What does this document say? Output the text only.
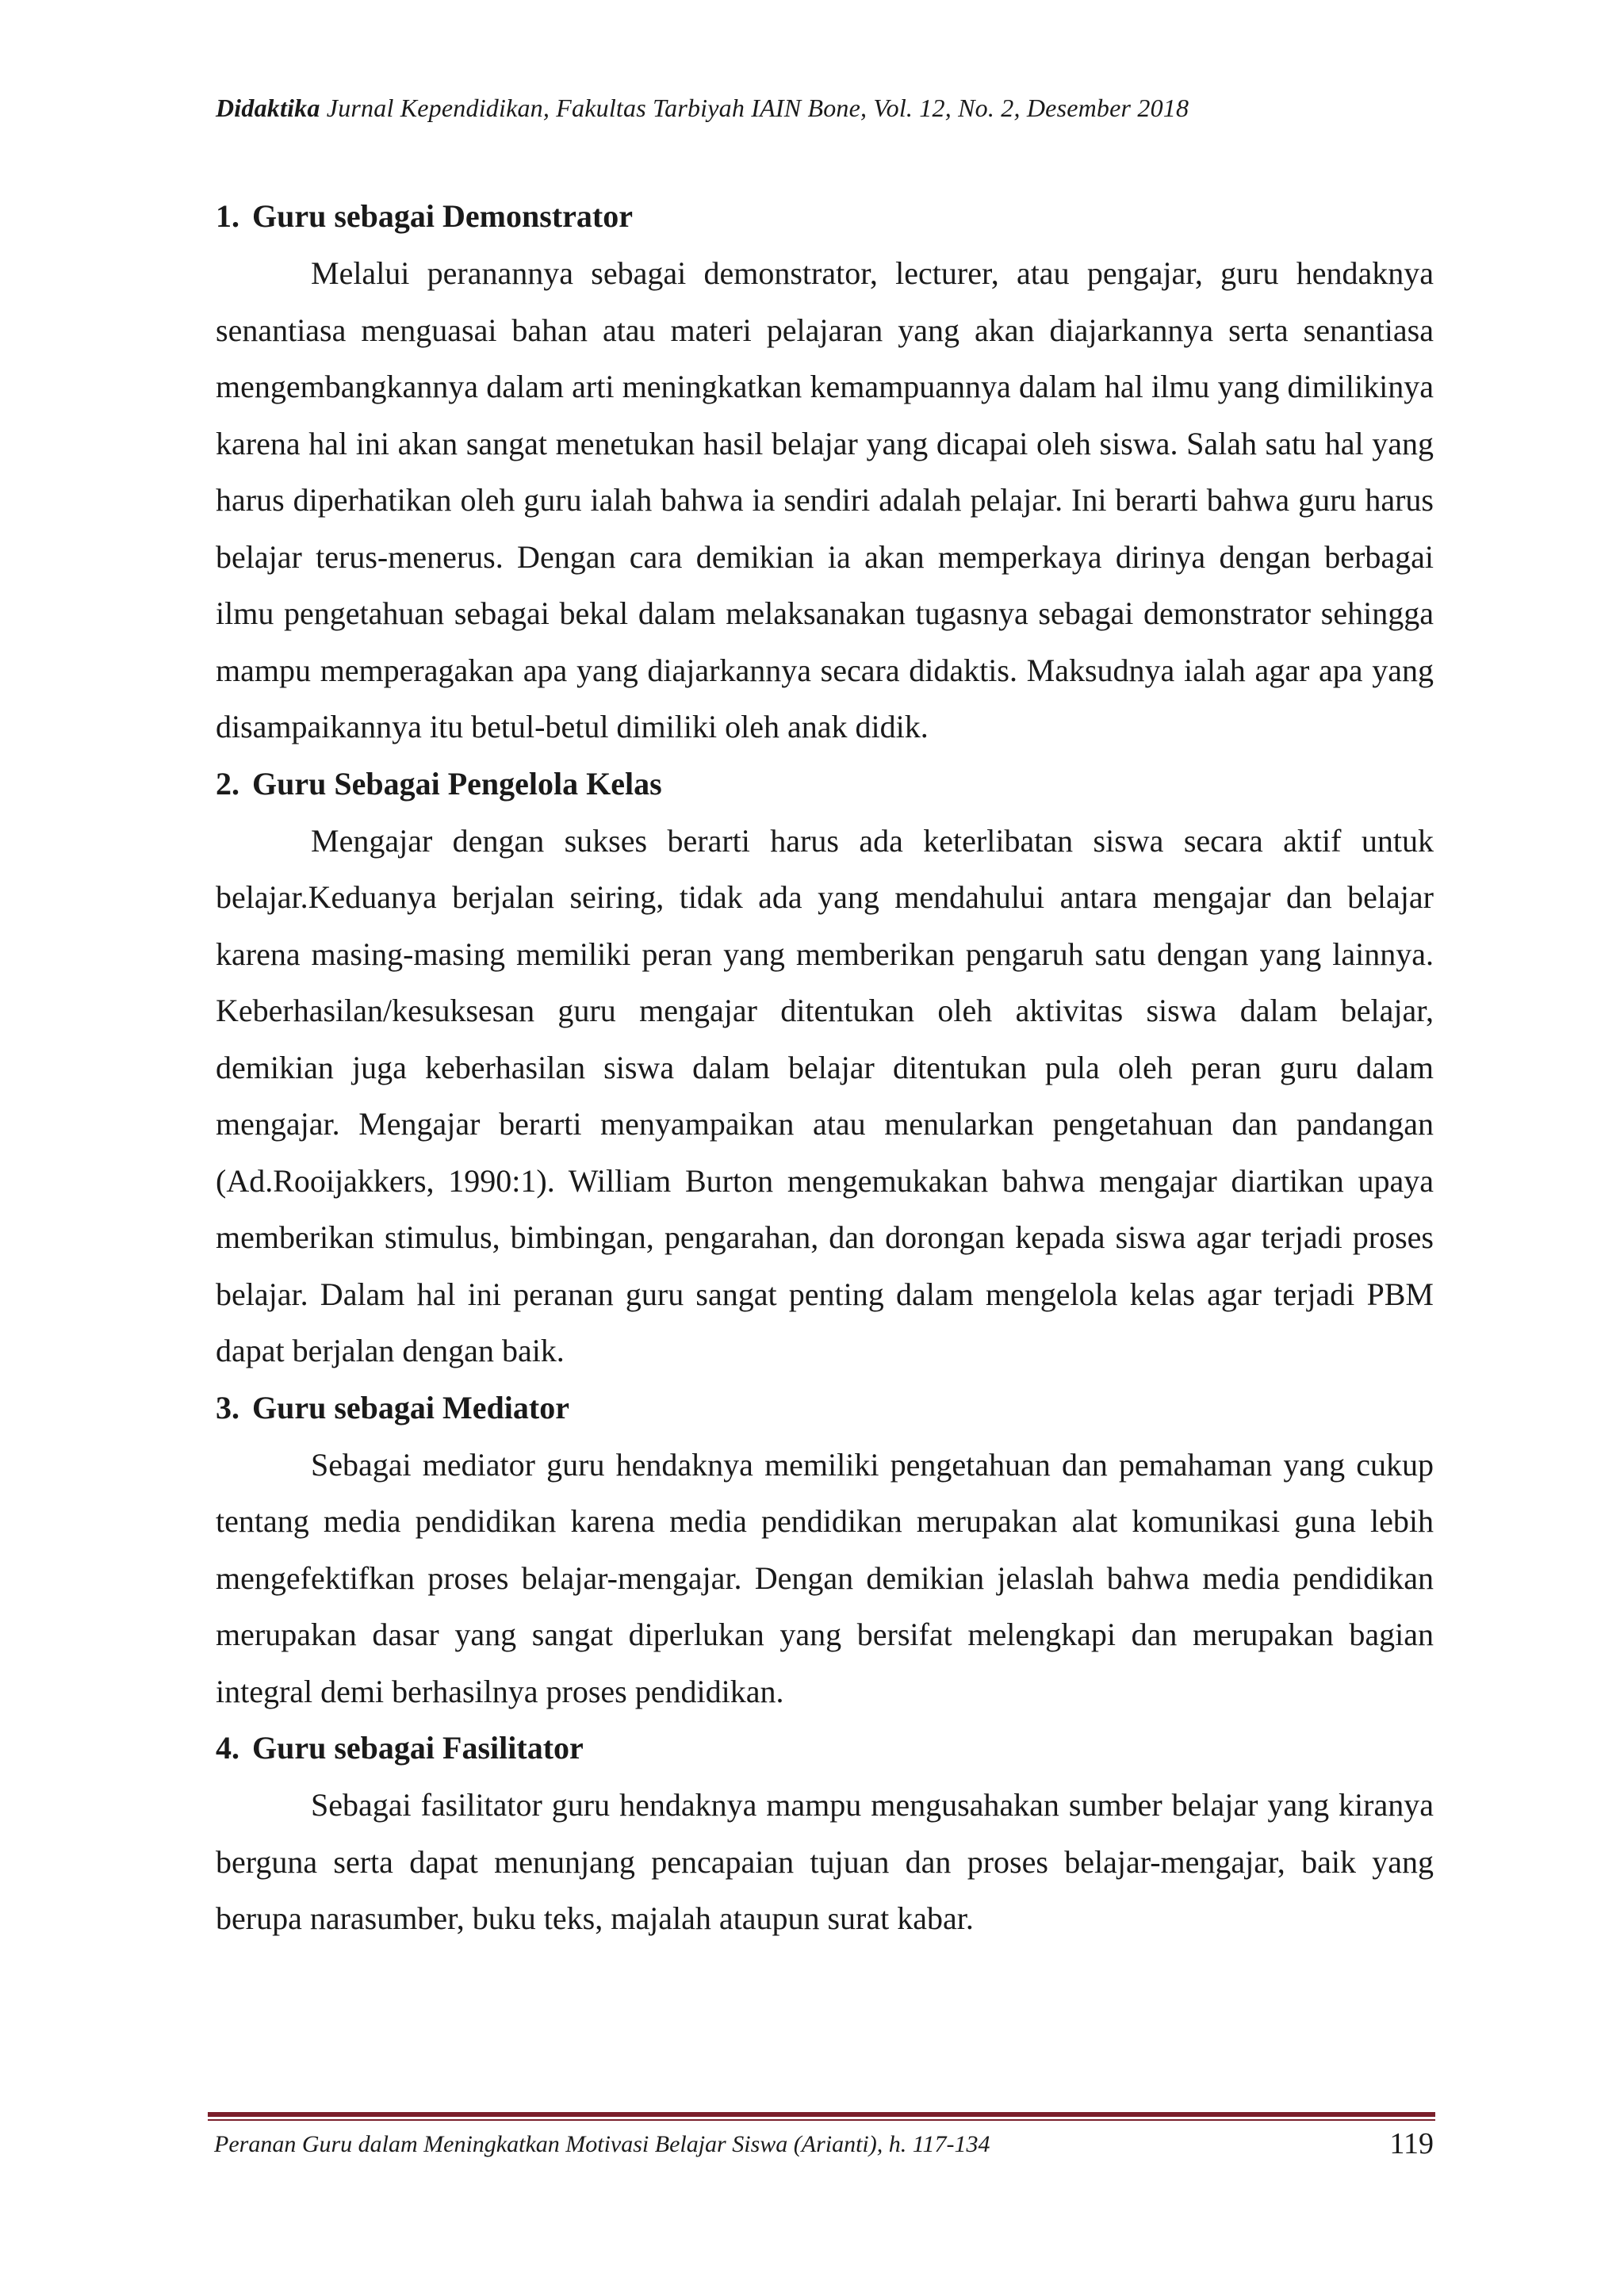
Didaktika Jurnal Kependidikan, Fakultas Tarbiyah IAIN Bone, Vol. 12, No. 2, Desember 2018
1. Guru sebagai Demonstrator

Melalui peranannya sebagai demonstrator, lecturer, atau pengajar, guru hendaknya senantiasa menguasai bahan atau materi pelajaran yang akan diajarkannya serta senantiasa mengembangkannya dalam arti meningkatkan kemampuannya dalam hal ilmu yang dimilikinya karena hal ini akan sangat menetukan hasil belajar yang dicapai oleh siswa. Salah satu hal yang harus diperhatikan oleh guru ialah bahwa ia sendiri adalah pelajar. Ini berarti bahwa guru harus belajar terus-menerus. Dengan cara demikian ia akan memperkaya dirinya dengan berbagai ilmu pengetahuan sebagai bekal dalam melaksanakan tugasnya sebagai demonstrator sehingga mampu memperagakan apa yang diajarkannya secara didaktis. Maksudnya ialah agar apa yang disampaikannya itu betul-betul dimiliki oleh anak didik.

2. Guru Sebagai Pengelola Kelas

Mengajar dengan sukses berarti harus ada keterlibatan siswa secara aktif untuk belajar.Keduanya berjalan seiring, tidak ada yang mendahului antara mengajar dan belajar karena masing-masing memiliki peran yang memberikan pengaruh satu dengan yang lainnya. Keberhasilan/kesuksesan guru mengajar ditentukan oleh aktivitas siswa dalam belajar, demikian juga keberhasilan siswa dalam belajar ditentukan pula oleh peran guru dalam mengajar. Mengajar berarti menyampaikan atau menularkan pengetahuan dan pandangan (Ad.Rooijakkers, 1990:1). William Burton mengemukakan bahwa mengajar diartikan upaya memberikan stimulus, bimbingan, pengarahan, dan dorongan kepada siswa agar terjadi proses belajar. Dalam hal ini peranan guru sangat penting dalam mengelola kelas agar terjadi PBM dapat berjalan dengan baik.

3. Guru sebagai Mediator

Sebagai mediator guru hendaknya memiliki pengetahuan dan pemahaman yang cukup tentang media pendidikan karena media pendidikan merupakan alat komunikasi guna lebih mengefektifkan proses belajar-mengajar. Dengan demikian jelaslah bahwa media pendidikan merupakan dasar yang sangat diperlukan yang bersifat melengkapi dan merupakan bagian integral demi berhasilnya proses pendidikan.

4. Guru sebagai Fasilitator

Sebagai fasilitator guru hendaknya mampu mengusahakan sumber belajar yang kiranya berguna serta dapat menunjang pencapaian tujuan dan proses belajar-mengajar, baik yang berupa narasumber, buku teks, majalah ataupun surat kabar.

Peranan Guru dalam Meningkatkan Motivasi Belajar Siswa (Arianti), h. 117-134	119
